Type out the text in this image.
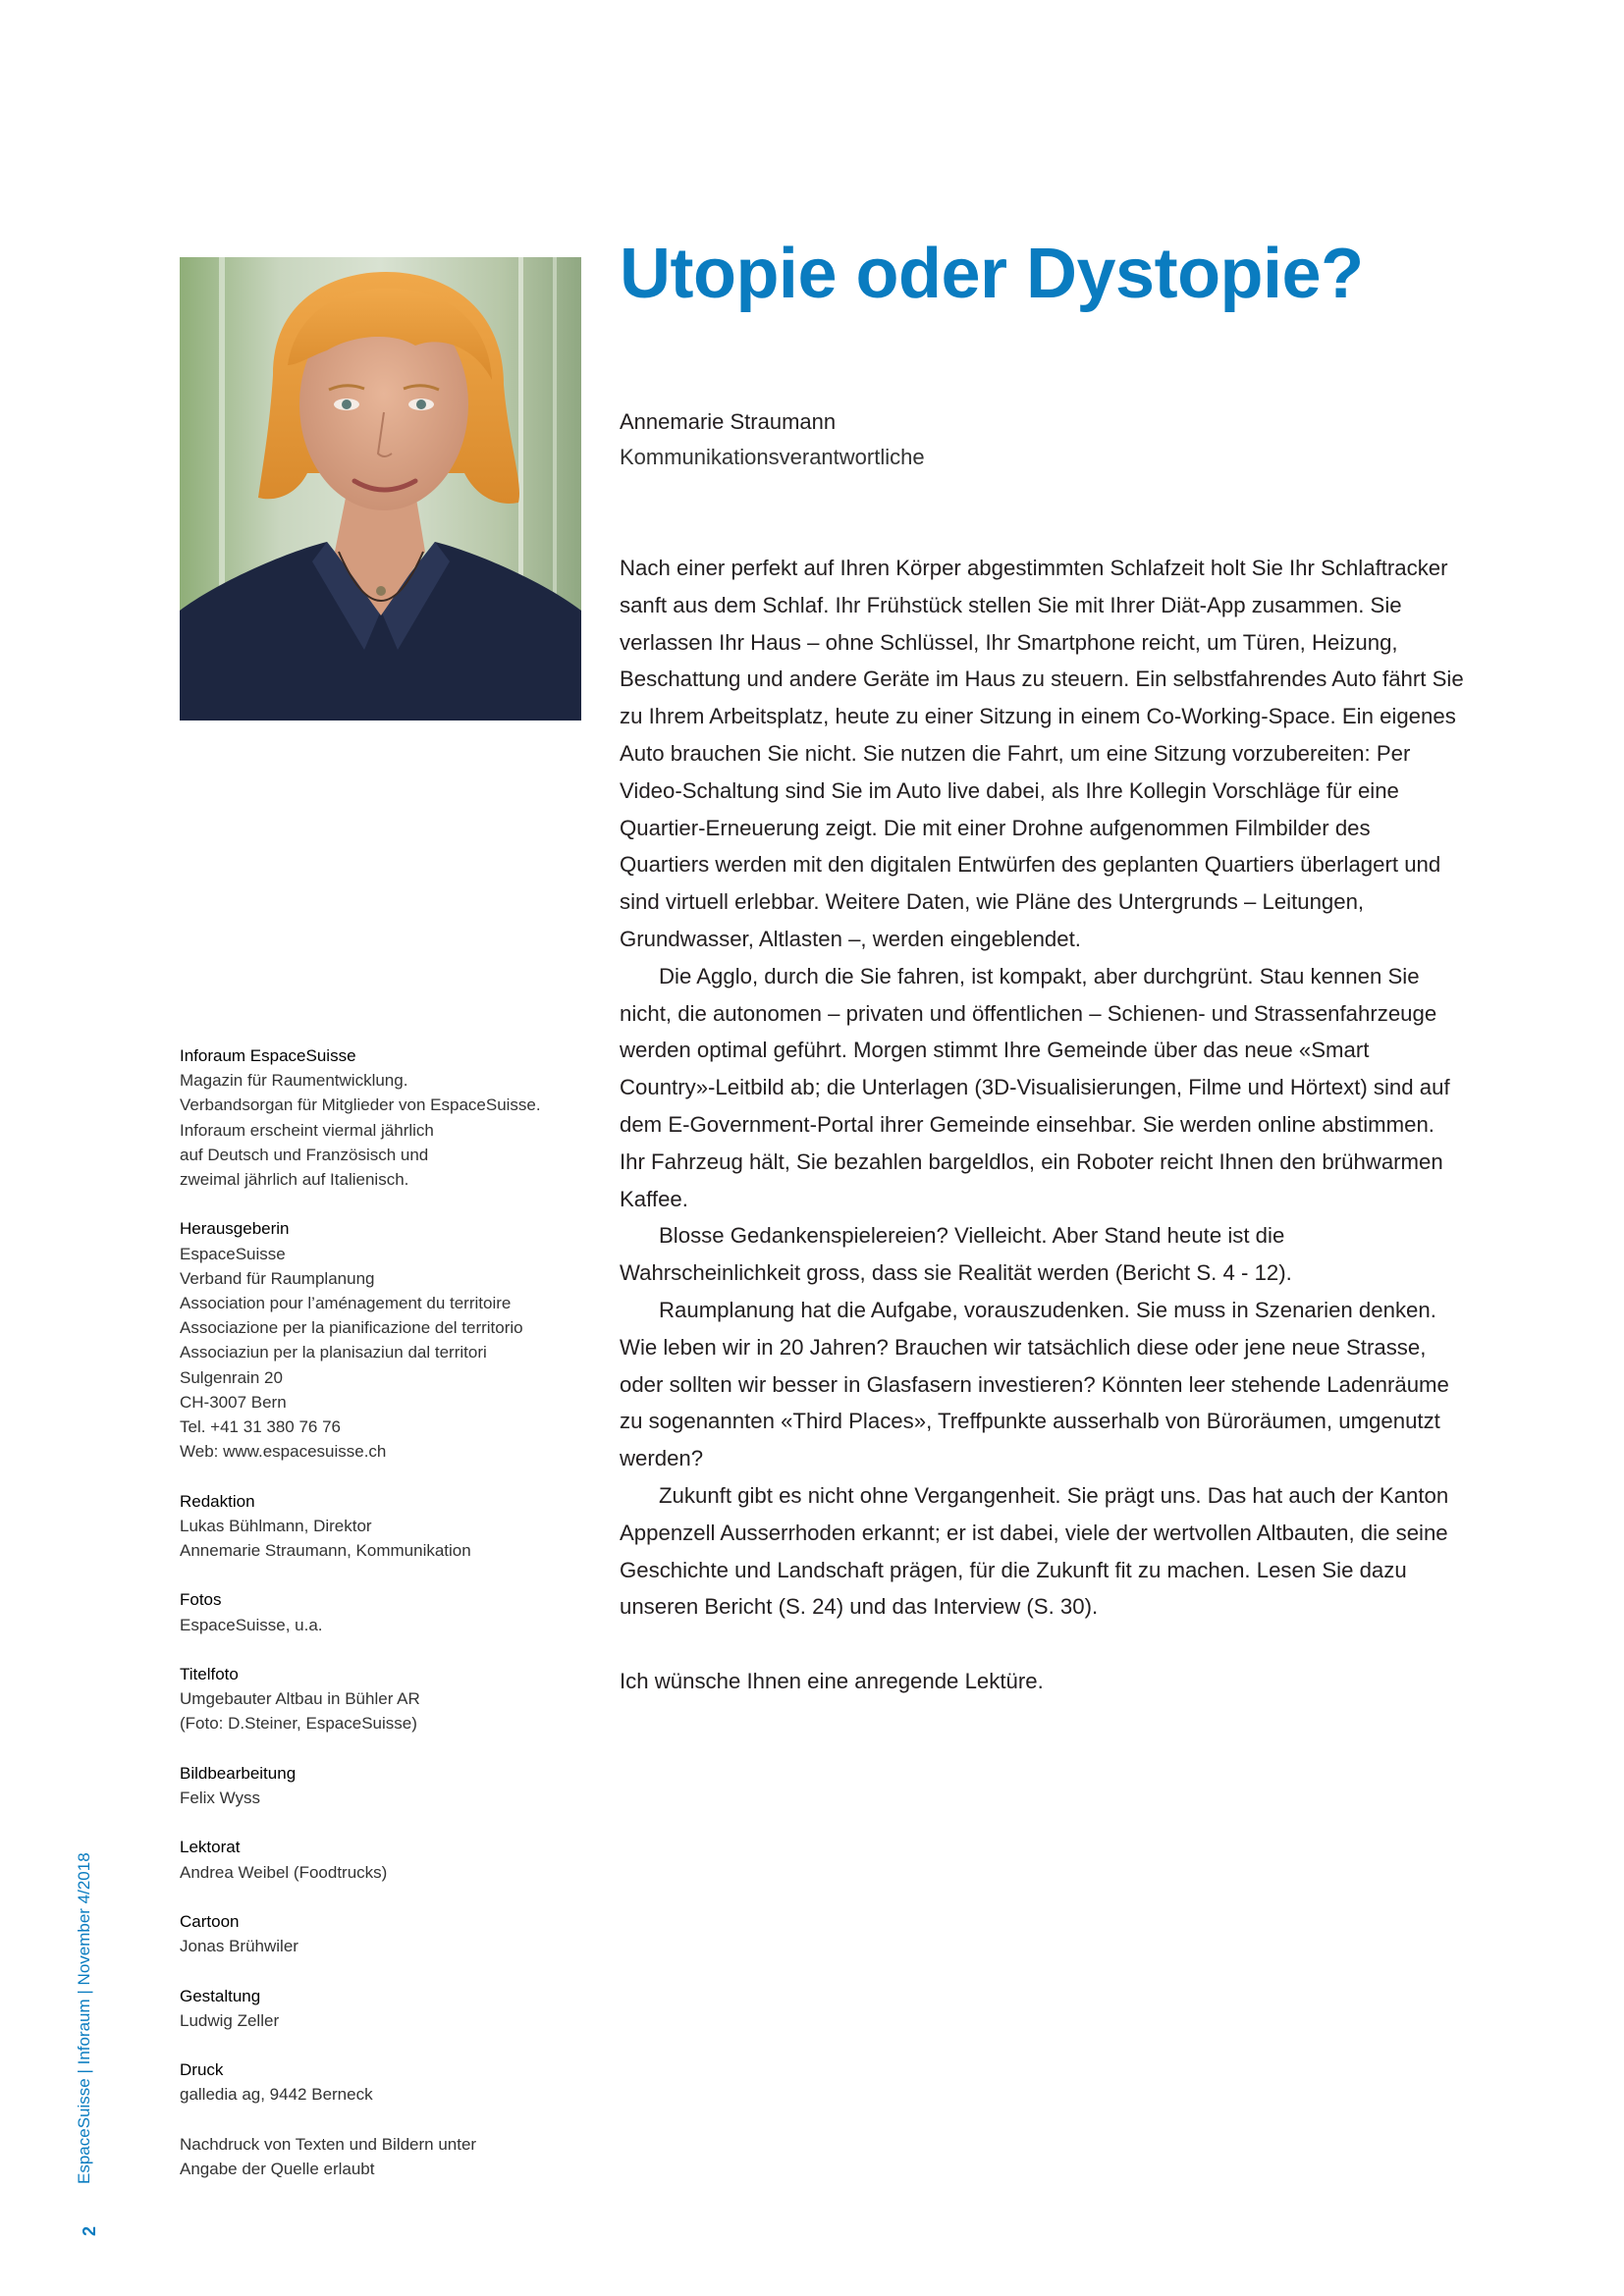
Utopie oder Dystopie?
Annemarie Straumann
Kommunikationsverantwortliche

Nach einer perfekt auf Ihren Körper abgestimmten Schlafzeit holt Sie Ihr Schlaftracker sanft aus dem Schlaf. Ihr Frühstück stellen Sie mit Ihrer Diät-App zusammen. Sie verlassen Ihr Haus – ohne Schlüssel, Ihr Smartphone reicht, um Türen, Heizung, Beschattung und andere Geräte im Haus zu steuern. Ein selbstfahrendes Auto fährt Sie zu Ihrem Arbeitsplatz, heute zu einer Sitzung in einem Co-Working-Space. Ein eigenes Auto brauchen Sie nicht. Sie nutzen die Fahrt, um eine Sitzung vorzubereiten: Per Video-Schaltung sind Sie im Auto live dabei, als Ihre Kollegin Vorschläge für eine Quartier-Erneuerung zeigt. Die mit einer Drohne aufgenommen Filmbilder des Quartiers werden mit den digitalen Entwürfen des geplanten Quartiers überlagert und sind virtuell erlebbar. Weitere Daten, wie Pläne des Untergrunds – Leitungen, Grundwasser, Altlasten –, werden eingeblendet.

Die Agglo, durch die Sie fahren, ist kompakt, aber durchgrünt. Stau kennen Sie nicht, die autonomen – privaten und öffentlichen – Schienen- und Strassenfahrzeuge werden optimal geführt. Morgen stimmt Ihre Gemeinde über das neue «Smart Country»-Leitbild ab; die Unterlagen (3D-Visualisierungen, Filme und Hörtext) sind auf dem E-Government-Portal ihrer Gemeinde einsehbar. Sie werden online abstimmen. Ihr Fahrzeug hält, Sie bezahlen bargeldlos, ein Roboter reicht Ihnen den brühwarmen Kaffee.

Blosse Gedankenspielereien? Vielleicht. Aber Stand heute ist die Wahrscheinlichkeit gross, dass sie Realität werden (Bericht S. 4 - 12).

Raumplanung hat die Aufgabe, vorauszudenken. Sie muss in Szenarien denken. Wie leben wir in 20 Jahren? Brauchen wir tatsächlich diese oder jene neue Strasse, oder sollten wir besser in Glasfasern investieren? Könnten leer stehende Ladenräume zu sogenannten «Third Places», Treffpunkte ausserhalb von Büroräumen, umgenutzt werden?

Zukunft gibt es nicht ohne Vergangenheit. Sie prägt uns. Das hat auch der Kanton Appenzell Ausserrhoden erkannt; er ist dabei, viele der wertvollen Altbauten, die seine Geschichte und Landschaft prägen, für die Zukunft fit zu machen. Lesen Sie dazu unseren Bericht (S. 24) und das Interview (S. 30).

Ich wünsche Ihnen eine anregende Lektüre.

Inforaum EspaceSuisse
Magazin für Raumentwicklung.
Verbandsorgan für Mitglieder von EspaceSuisse.
Inforaum erscheint viermal jährlich
auf Deutsch und Französisch und
zweimal jährlich auf Italienisch.
Herausgeberin
EspaceSuisse
Verband für Raumplanung
Association pour l’aménagement du territoire
Associazione per la pianificazione del territorio
Associaziun per la planisaziun dal territori
Sulgenrain 20
CH-3007 Bern
Tel. +41 31 380 76 76
Web: www.espacesuisse.ch
Redaktion
Lukas Bühlmann, Direktor
Annemarie Straumann, Kommunikation
Fotos
EspaceSuisse, u.a.
Titelfoto
Umgebauter Altbau in Bühler AR
(Foto: D.Steiner, EspaceSuisse)
Bildbearbeitung
Felix Wyss
Lektorat
Andrea Weibel (Foodtrucks)
Cartoon
Jonas Brühwiler
Gestaltung
Ludwig Zeller
Druck
galledia ag, 9442 Berneck
Nachdruck von Texten und Bildern unter
Angabe der Quelle erlaubt
EspaceSuisse | Inforaum | November 4/2018
2
